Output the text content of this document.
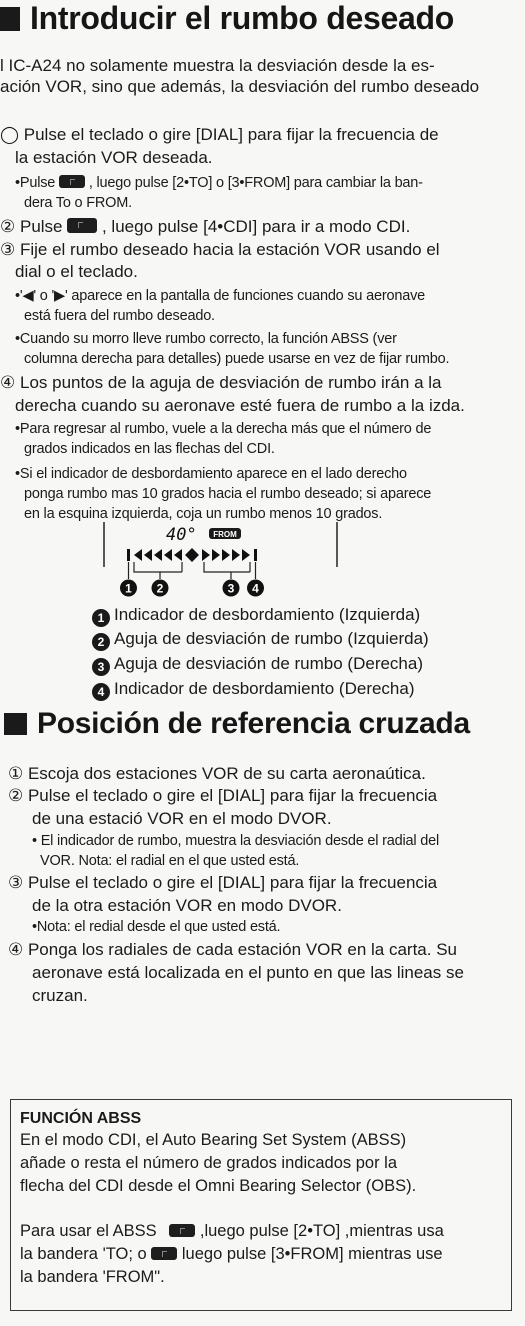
Introducir el rumbo deseado
l IC-A24 no solamente muestra la desviación desde la es-
ación VOR, sino que además, la desviación del rumbo deseado
◯ Pulse el teclado o gire [DIAL] para fijar la frecuencia de
la estación VOR deseada.
•Pulse , luego pulse [2•TO] o [3•FROM] para cambiar la ban-
dera To o FROM.
② Pulse , luego pulse [4•CDI] para ir a modo CDI.
③ Fije el rumbo deseado hacia la estación VOR usando el
dial o el teclado.
•'◀' o '▶' aparece en la pantalla de funciones cuando su aeronave
está fuera del rumbo deseado.
•Cuando su morro lleve rumbo correcto, la función ABSS (ver
columna derecha para detalles) puede usarse en vez de fijar rumbo.
④ Los puntos de la aguja de desviación de rumbo irán a la
derecha cuando su aeronave esté fuera de rumbo a la izda.
•Para regresar al rumbo, vuele a la derecha más que el número de
grados indicados en las flechas del CDI.
•Si el indicador de desbordamiento aparece en el lado derecho
ponga rumbo mas 10 grados hacia el rumbo deseado; si aparece
en la esquina izquierda, coja un rumbo menos 10 grados.
40° FROM
1 2	3 4
1 Indicador de desbordamiento (Izquierda)
2 Aguja de desviación de rumbo (Izquierda)
3 Aguja de desviación de rumbo (Derecha)
4 Indicador de desbordamiento (Derecha)
Posición de referencia cruzada
① Escoja dos estaciones VOR de su carta aeronaútica.
② Pulse el teclado o gire el [DIAL] para fijar la frecuencia
de una estació VOR en el modo DVOR.
• El indicador de rumbo, muestra la desviación desde el radial del
VOR. Nota: el radial en el que usted está.
③ Pulse el teclado o gire el [DIAL] para fijar la frecuencia
de la otra estación VOR en modo DVOR.
•Nota: el redial desde el que usted está.
④ Ponga los radiales de cada estación VOR en la carta. Su
aeronave está localizada en el punto en que las lineas se
cruzan.
FUNCIÓN ABSS
En el modo CDI, el Auto Bearing Set System (ABSS)
añade o resta el número de grados indicados por la
flecha del CDI desde el Omni Bearing Selector (OBS).
Para usar el ABSS	,luego pulse [2•TO] ,mientras usa
la bandera 'TO; o luego pulse [3•FROM] mientras use
la bandera 'FROM".
